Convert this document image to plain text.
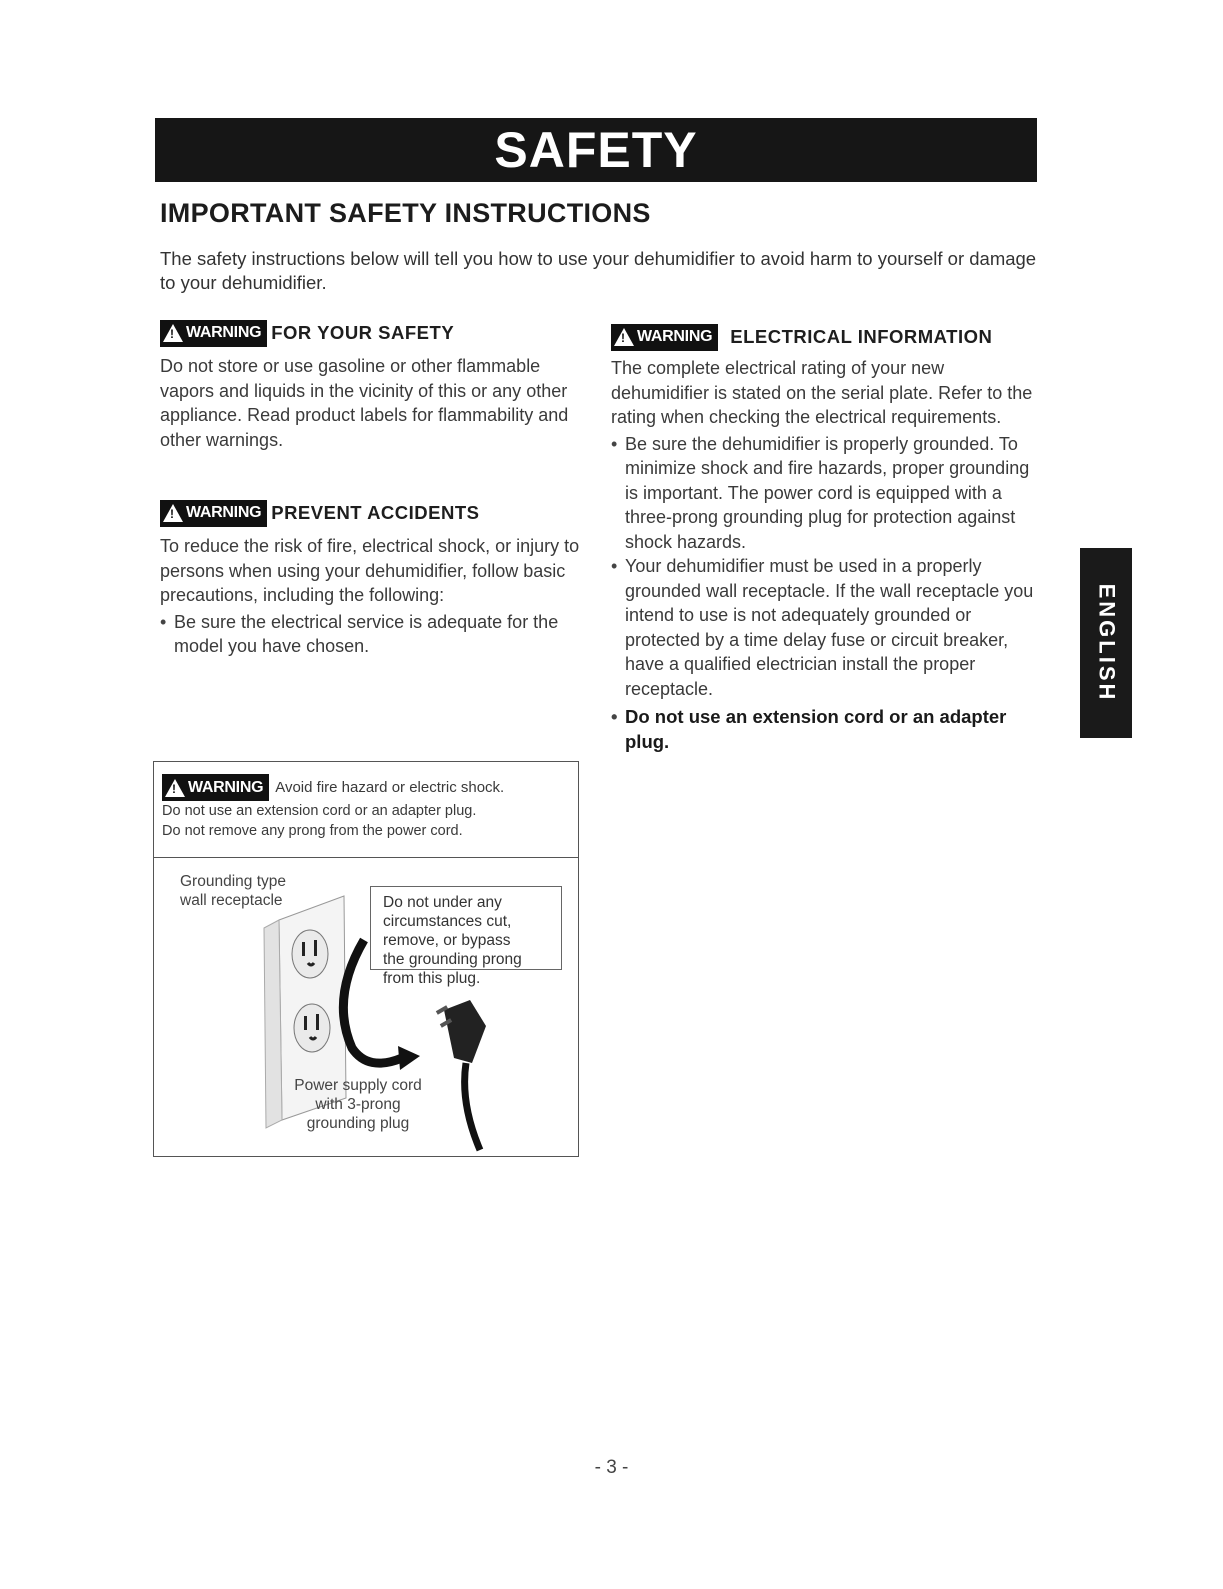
SAFETY
IMPORTANT SAFETY INSTRUCTIONS

The safety instructions below will tell you how to use your dehumidifier to avoid harm to yourself or damage to your dehumidifier.

!
WARNING FOR YOUR SAFETY

Do not store or use gasoline or other flammable vapors and liquids in the vicinity of this or any other appliance. Read product labels for flammability and other warnings.

!
WARNING PREVENT ACCIDENTS

To reduce the risk of fire, electrical shock, or injury to persons when using your dehumidifier, follow basic precautions, including the following:

• Be sure the electrical service is adequate for the model you have chosen.
!
WARNING ELECTRICAL INFORMATION

The complete electrical rating of your new dehumidifier is stated on the serial plate. Refer to the rating when checking the electrical requirements.

• Be sure the dehumidifier is properly grounded. To minimize shock and fire hazards, proper grounding is important. The power cord is equipped with a three-prong grounding plug for protection against shock hazards.
• Your dehumidifier must be used in a properly grounded wall receptacle. If the wall receptacle you intend to use is not adequately grounded or protected by a time delay fuse or circuit breaker, have a qualified electrician install the proper receptacle.
• Do not use an extension cord or an adapter plug.
!
WARNING Avoid fire hazard or electric shock.
Do not use an extension cord or an adapter plug.
Do not remove any prong from the power cord.
Grounding type
wall receptacle	Do not under any
circumstances cut,
remove, or bypass
the grounding prong
from this plug.
Power supply cord
with 3-prong
grounding plug
ENGLISH
- 3 -
